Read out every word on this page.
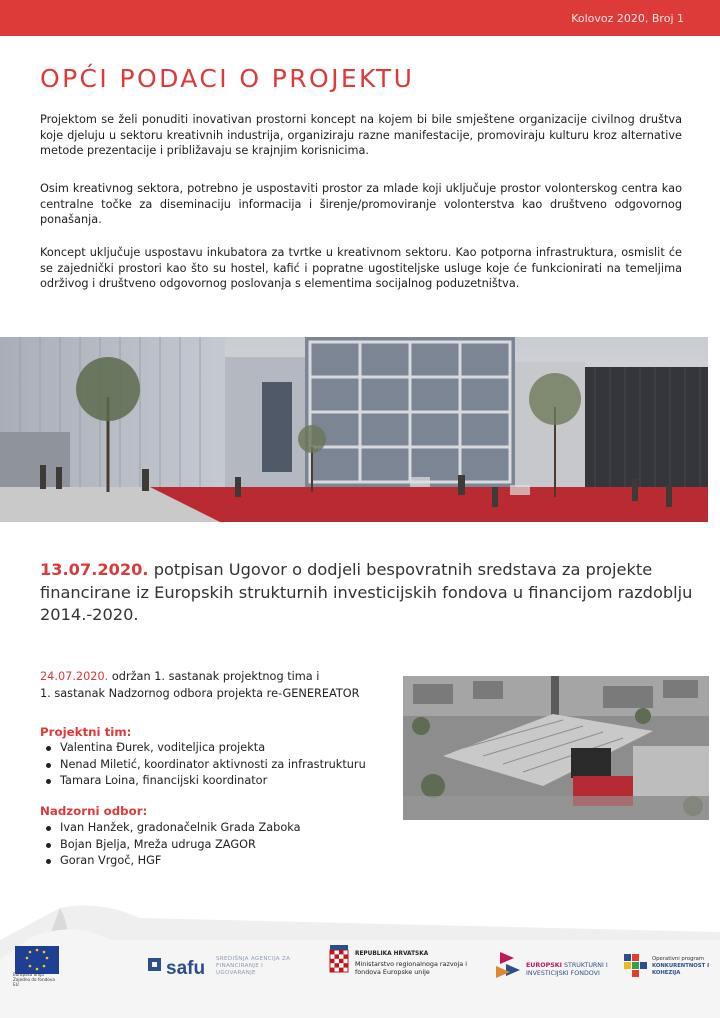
Kolovoz 2020, Broj 1
OPĆI PODACI O PROJEKTU

Projektom se želi ponuditi inovativan prostorni koncept na kojem bi bile smještene organizacije civilnog društva koje djeluju u sektoru kreativnih industrija, organiziraju razne manifestacije, promoviraju kulturu kroz alternative metode prezentacije i približavaju se krajnjim korisnicima.

Osim kreativnog sektora, potrebno je uspostaviti prostor za mlade koji uključuje prostor volonterskog centra kao centralne točke za diseminaciju informacija i širenje/promoviranje volonterstva kao društveno odgovornog ponašanja.

Koncept uključuje uspostavu inkubatora za tvrtke u kreativnom sektoru. Kao potporna infrastruktura, osmislit će se zajednički prostori kao što su hostel, kafić i popratne ugostiteljske usluge koje će funkcionirati na temeljima održivog i društveno odgovornog poslovanja s elementima socijalnog poduzetništva.

13.07.2020. potpisan Ugovor o dodjeli bespovratnih sredstava za projekte financirane iz Europskih strukturnih investicijskih fondova u financijom razdoblju 2014.-2020.

24.07.2020. održan 1. sastanak projektnog tima i
1. sastanak Nadzornog odbora projekta re-GENEREATOR
Projektni tim:
Valentina Đurek, voditeljica projekta
Nenad Miletić, koordinator aktivnosti za infrastrukturu
Tamara Loina, financijski koordinator
Nadzorni odbor:
Ivan Hanžek, gradonačelnik Grada Zaboka
Bojan Bjelja, Mreža udruga ZAGOR
Goran Vrgoč, HGF
Europska unija Zajedno do fondova EU
safu SREDIŠNJA AGENCIJA ZA FINANCIRANJE I UGOVARANJE
REPUBLIKA HRVATSKA
Ministarstvo regionalnoga razvoja i fondova Europske unije
EUROPSKI STRUKTURNI I INVESTICIJSKI FONDOVI
Operativni program
KONKURENTNOST I KOHEZIJA
